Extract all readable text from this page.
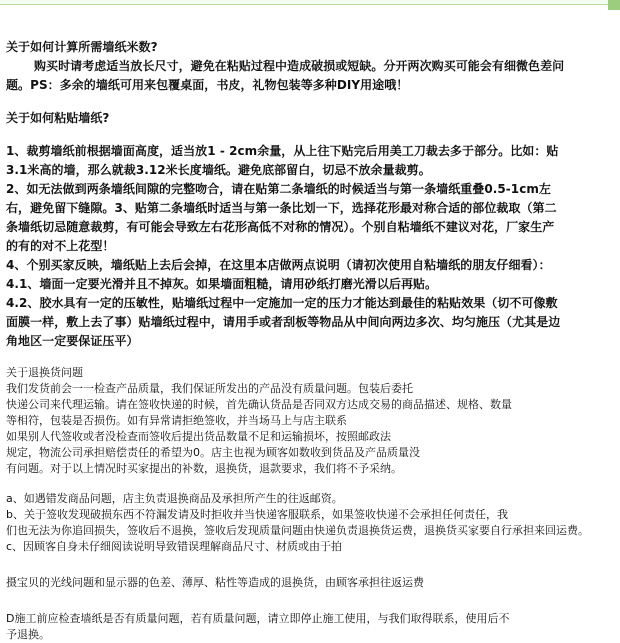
关于如何计算所需墙纸米数?

购买时请考虑适当放长尺寸，避免在粘贴过程中造成破损或短缺。分开两次购买可能会有细微色差问

题。PS：多余的墙纸可用来包覆桌面，书皮，礼物包装等多种DIY用途哦！

关于如何粘贴墙纸?

1、裁剪墙纸前根据墙面高度，适当放1 - 2cm余量，从上往下贴完后用美工刀裁去多于部分。比如：贴

3.1米高的墙，那么就裁3.12米长度墙纸。避免底部留白，切忌不放余量裁剪。

2、如无法做到两条墙纸间隙的完整吻合，请在贴第二条墙纸的时候适当与第一条墙纸重叠0.5-1cm左

右，避免留下缝隙。3、贴第二条墙纸时适当与第一条比划一下，选择花形最对称合适的部位裁取（第二

条墙纸切忌随意裁剪，有可能会导致左右花形高低不对称的情况）。个别自粘墙纸不建议对花，厂家生产

的有的对不上花型！

4、个别买家反映，墙纸贴上去后会掉，在这里本店做两点说明（请初次使用自粘墙纸的朋友仔细看）：

4.1、墙面一定要光滑并且不掉灰。如果墙面粗糙，请用砂纸打磨光滑以后再贴。

4.2、胶水具有一定的压敏性，贴墙纸过程中一定施加一定的压力才能达到最佳的粘贴效果（切不可像敷

面膜一样，敷上去了事）贴墙纸过程中，请用手或者刮板等物品从中间向两边多次、均匀施压（尤其是边

角地区一定要保证压平）

关于退换货问题

我们发货前会一一检查产品质量，我们保证所发出的产品没有质量问题。包装后委托

快递公司来代理运输。请在签收快递的时候，首先确认货品是否同双方达成交易的商品描述、规格、数量

等相符，包装是否损伤。如有异常请拒绝签收，并当场马上与店主联系

如果别人代签收或者没检查而签收后提出货品数量不足和运输损坏，按照邮政法

规定，物流公司承担赔偿责任的希望为0。店主也视为顾客如数收到货品及产品质量没

有问题。对于以上情况时买家提出的补数，退换货，退款要求，我们将不予采纳。

a、如遇错发商品问题，店主负责退换商品及承担所产生的往返邮资。

b、关于签收发现破损东西不符漏发请及时拒收并当快递客服联系，如果签收快递不会承担任何责任，我

们也无法为你追回损失，签收后不退换，签收后发现质量问题由快递负责退换货运费，退换货买家要自行承担来回运费。

c、因顾客自身未仔细阅读说明导致错误理解商品尺寸、材质或由于拍

摄宝贝的光线问题和显示器的色差、薄厚、粘性等造成的退换货，由顾客承担往返运费

D施工前应检查墙纸是否有质量问题，若有质量问题，请立即停止施工使用，与我们取得联系，使用后不

予退换。
